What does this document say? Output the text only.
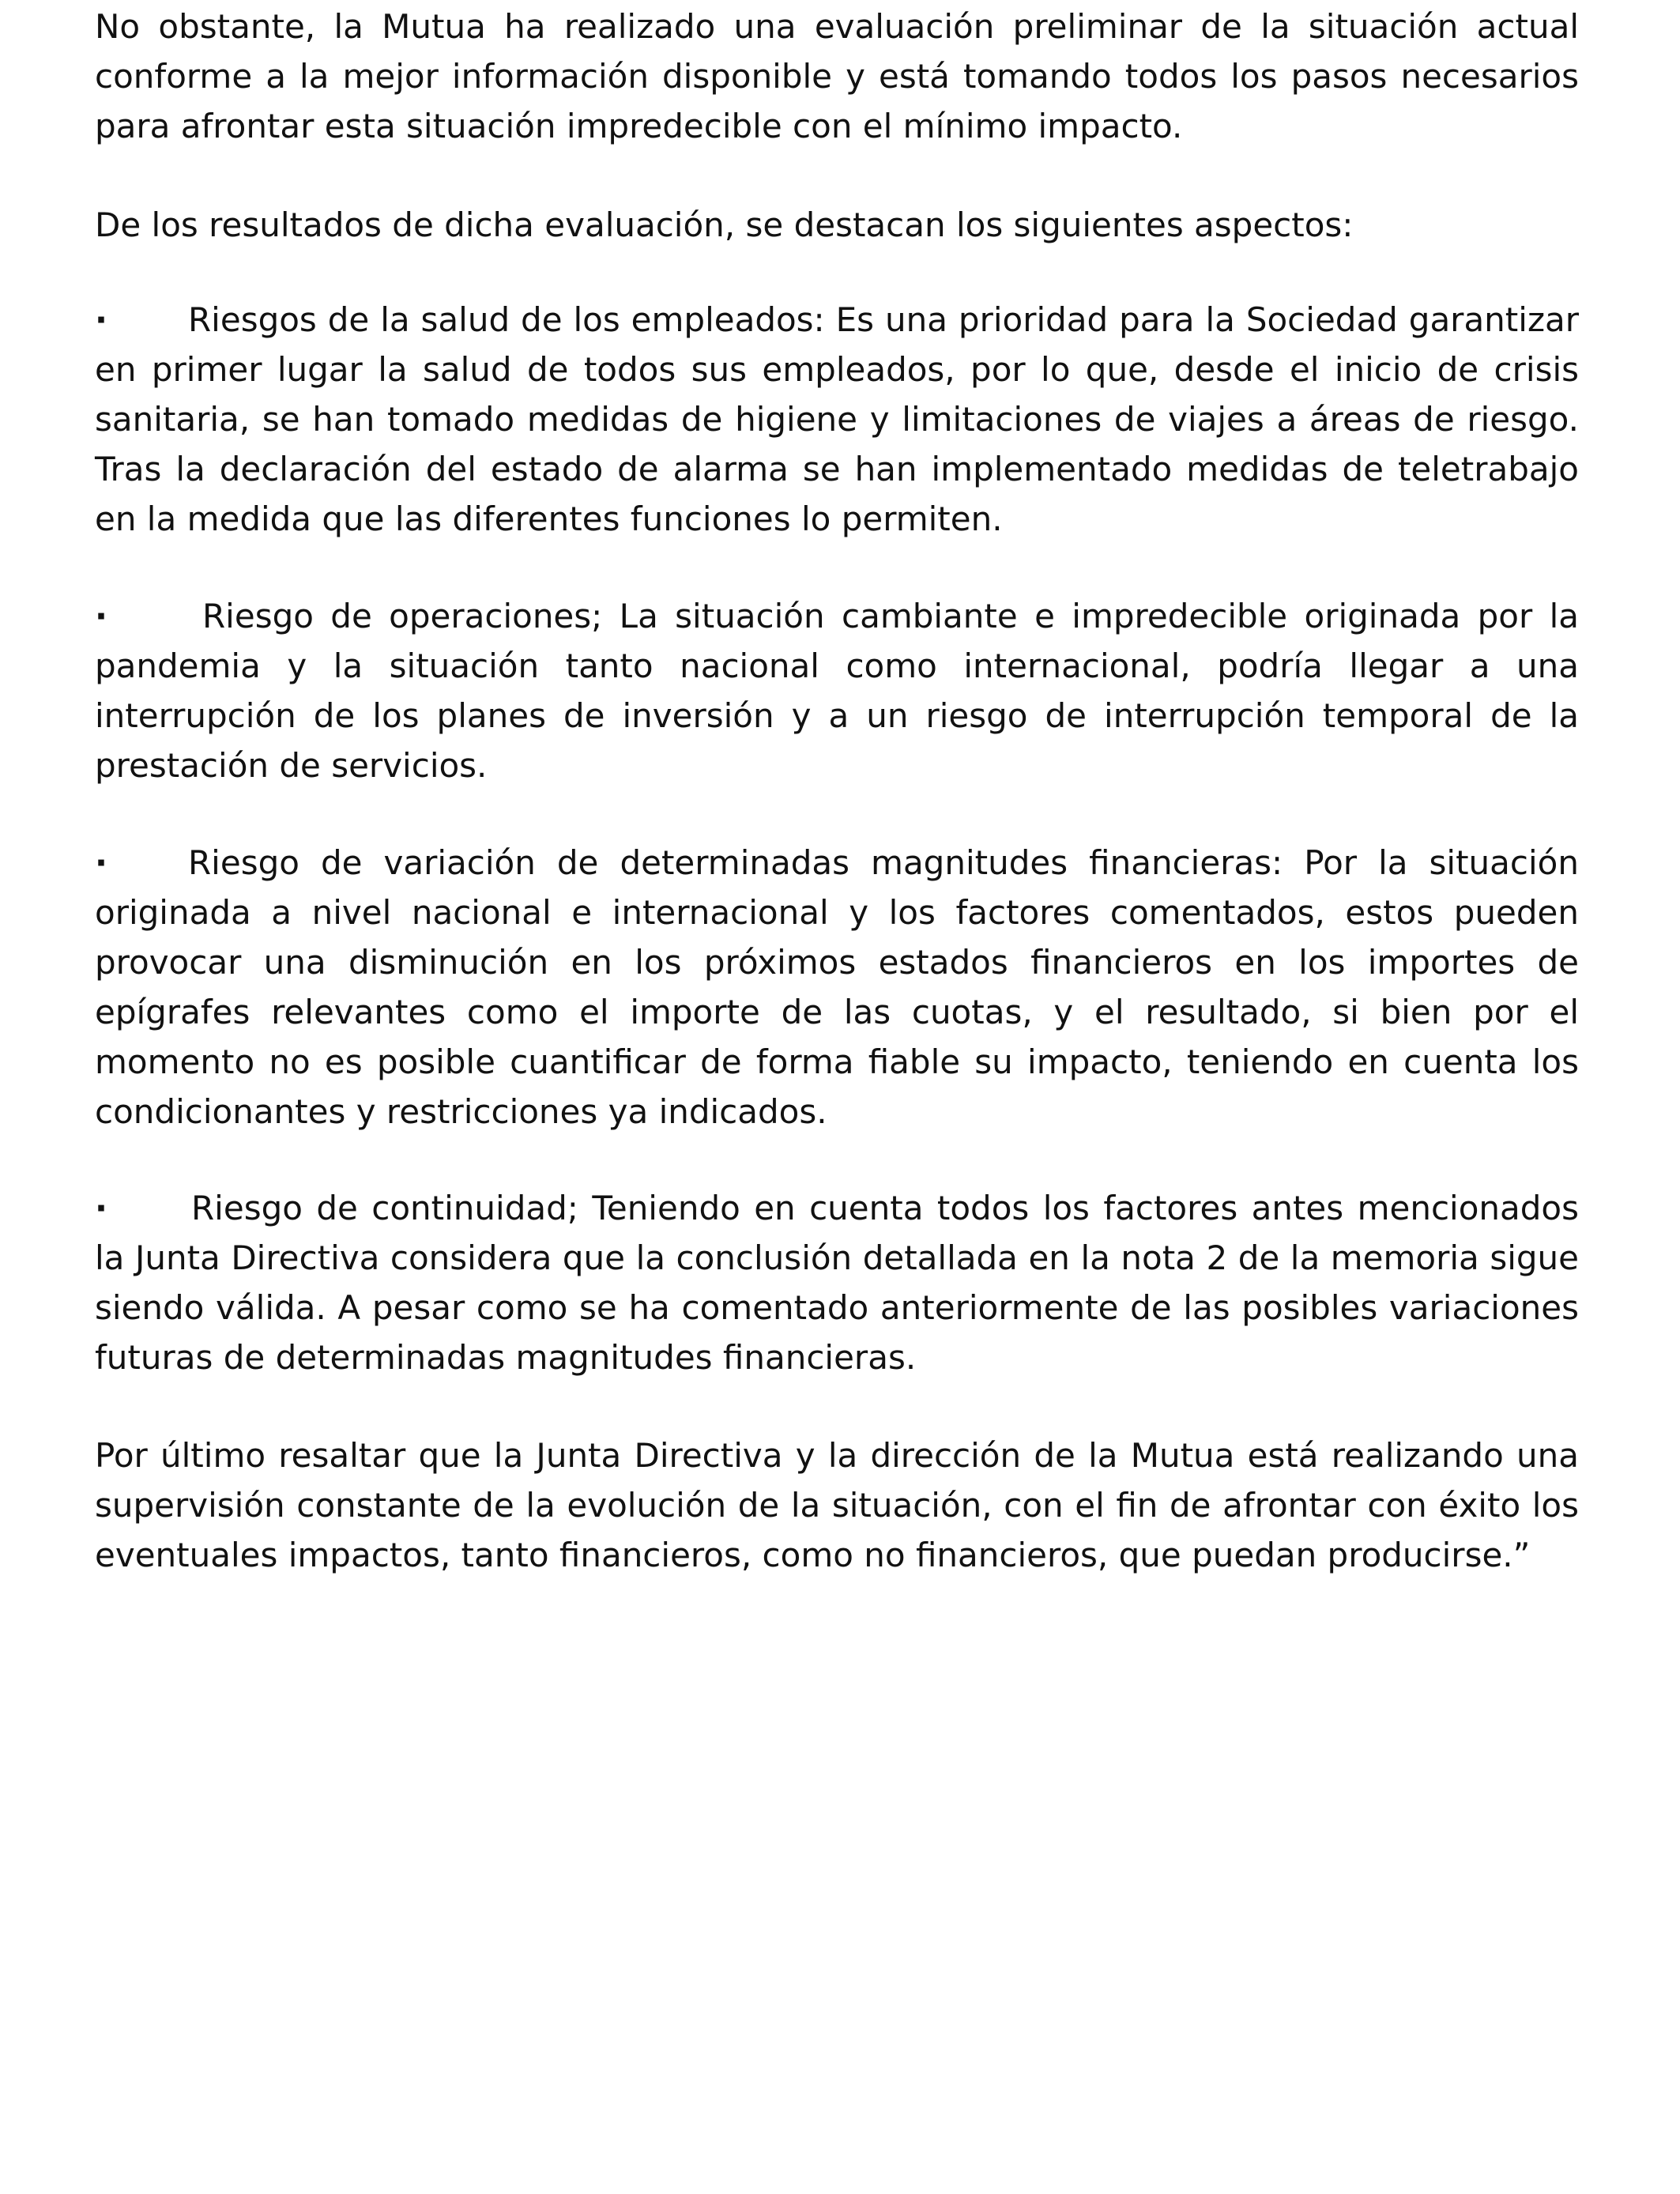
No obstante, la Mutua ha realizado una evaluación preliminar de la situación actual conforme a la mejor información disponible y está tomando todos los pasos necesarios para afrontar esta situación impredecible con el mínimo impacto.

De los resultados de dicha evaluación, se destacan los siguientes aspectos:

· Riesgos de la salud de los empleados: Es una prioridad para la Sociedad garantizar en primer lugar la salud de todos sus empleados, por lo que, desde el inicio de crisis sanitaria, se han tomado medidas de higiene y limitaciones de viajes a áreas de riesgo. Tras la declaración del estado de alarma se han implementado medidas de teletrabajo en la medida que las diferentes funciones lo permiten.

·	Riesgo de operaciones; La situación cambiante e impredecible originada por la pandemia y la situación tanto nacional como internacional, podría llegar a una interrupción de los planes de inversión y a un riesgo de interrupción temporal de la prestación de servicios.

· Riesgo de variación de determinadas magnitudes financieras: Por la situación originada a nivel nacional e internacional y los factores comentados, estos pueden provocar una disminución en los próximos estados financieros en los importes de epígrafes relevantes como el importe de las cuotas, y el resultado, si bien por el momento no es posible cuantificar de forma fiable su impacto, teniendo en cuenta los condicionantes y restricciones ya indicados.

·	Riesgo de continuidad; Teniendo en cuenta todos los factores antes mencionados la Junta Directiva considera que la conclusión detallada en la nota 2 de la memoria sigue siendo válida. A pesar como se ha comentado anteriormente de las posibles variaciones futuras de determinadas magnitudes financieras.

Por último resaltar que la Junta Directiva y la dirección de la Mutua está realizando una supervisión constante de la evolución de la situación, con el fin de afrontar con éxito los eventuales impactos, tanto financieros, como no financieros, que puedan producirse.”
